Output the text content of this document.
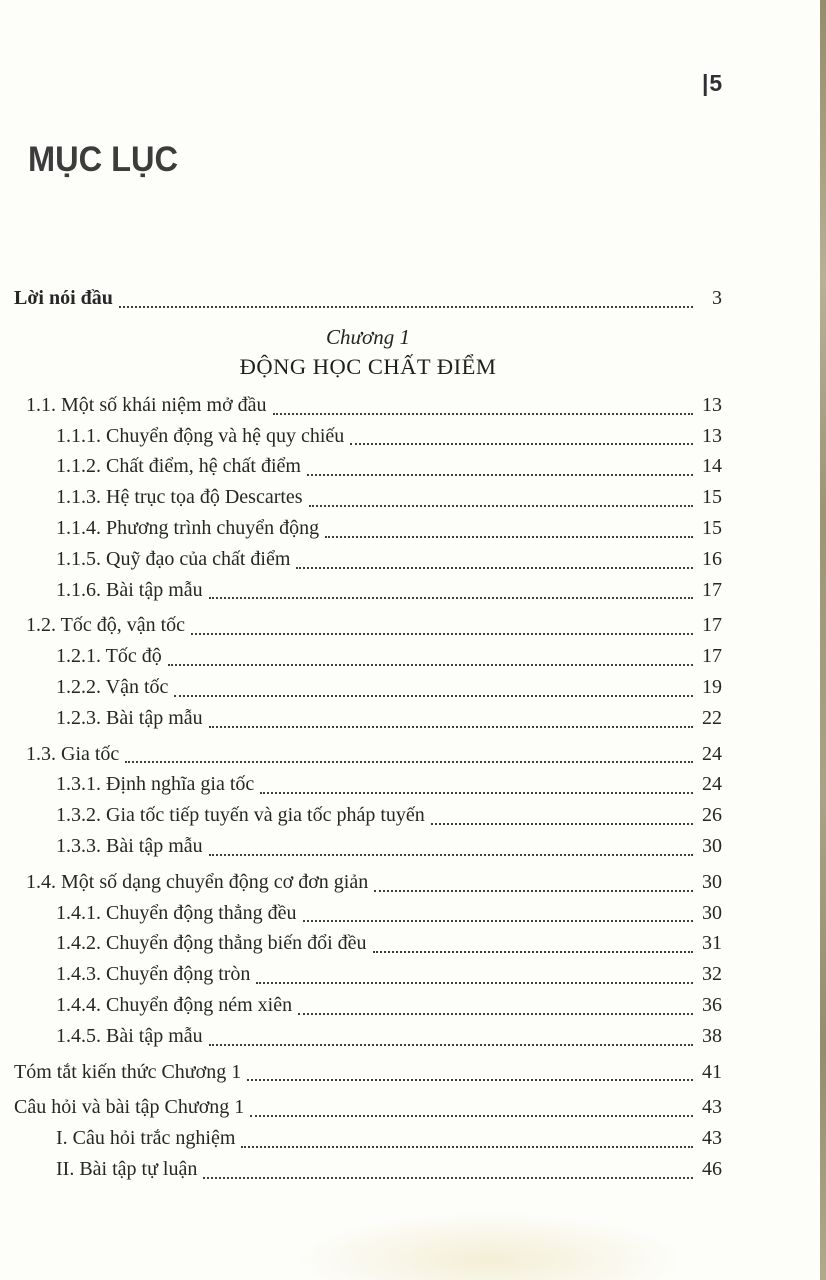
|5
MỤC LỤC
Lời nói đầu	3
Chương 1
ĐỘNG HỌC CHẤT ĐIỂM
1.1. Một số khái niệm mở đầu	13
1.1.1. Chuyển động và hệ quy chiếu	13
1.1.2. Chất điểm, hệ chất điểm	14
1.1.3. Hệ trục tọa độ Descartes	15
1.1.4. Phương trình chuyển động	15
1.1.5. Quỹ đạo của chất điểm	16
1.1.6. Bài tập mẫu	17
1.2. Tốc độ, vận tốc	17
1.2.1. Tốc độ	17
1.2.2. Vận tốc	19
1.2.3. Bài tập mẫu	22
1.3. Gia tốc	24
1.3.1. Định nghĩa gia tốc	24
1.3.2. Gia tốc tiếp tuyến và gia tốc pháp tuyến	26
1.3.3. Bài tập mẫu	30
1.4. Một số dạng chuyển động cơ đơn giản	30
1.4.1. Chuyển động thẳng đều	30
1.4.2. Chuyển động thẳng biến đổi đều	31
1.4.3. Chuyển động tròn	32
1.4.4. Chuyển động ném xiên	36
1.4.5. Bài tập mẫu	38
Tóm tắt kiến thức Chương 1	41
Câu hỏi và bài tập Chương 1	43
I. Câu hỏi trắc nghiệm	43
II. Bài tập tự luận	46
